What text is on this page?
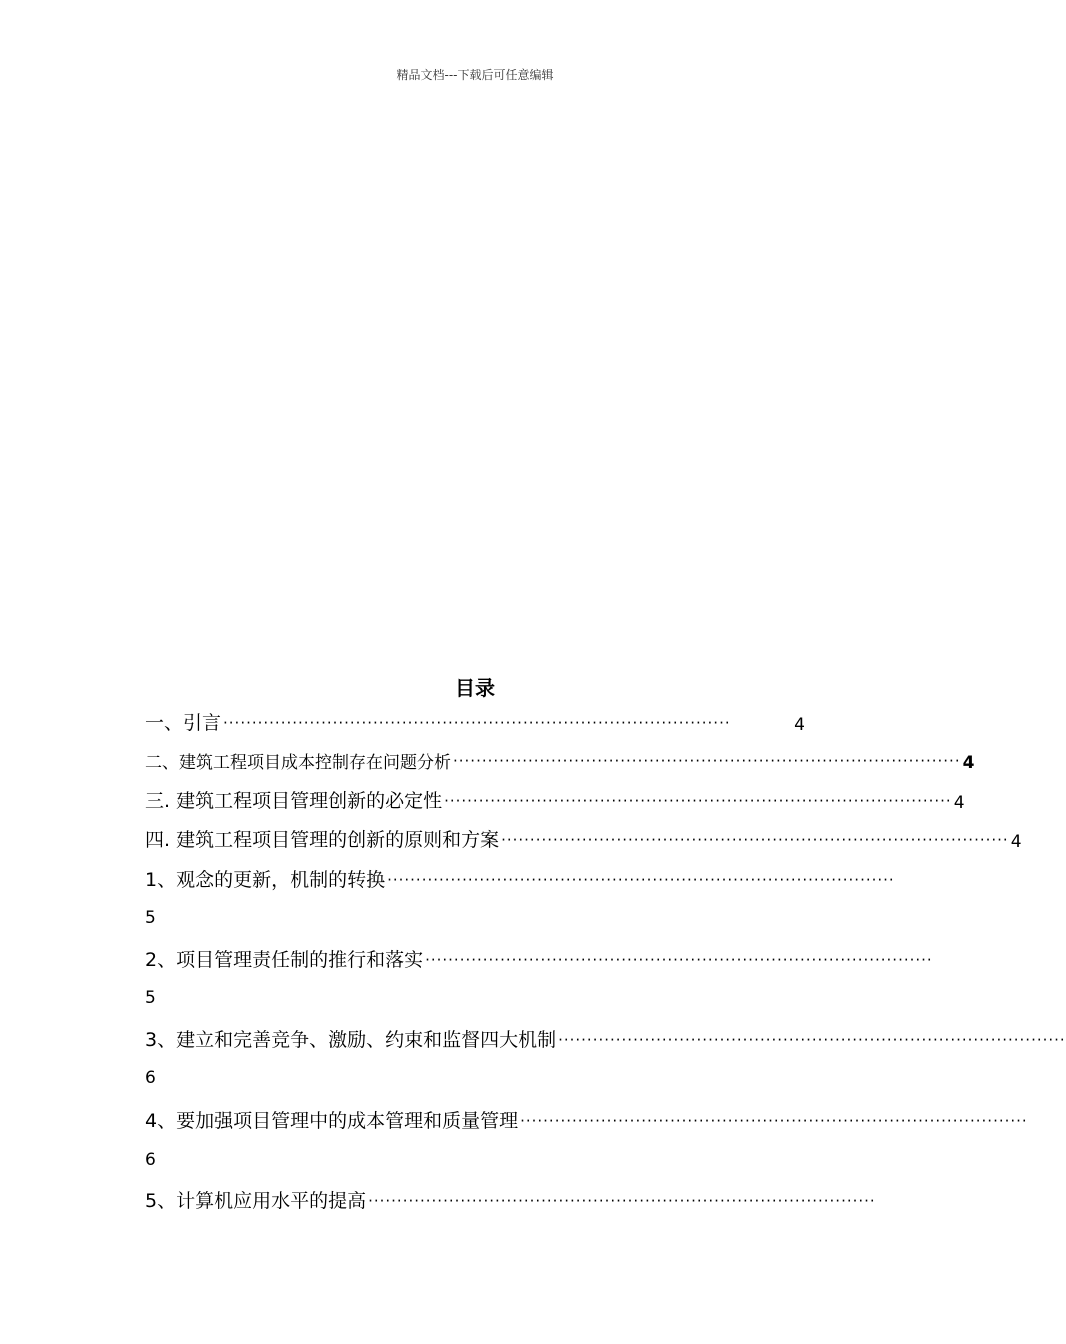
精品文档---下载后可任意编辑
目录
一、引言 ························································································	4
二、建筑工程项目成本控制存在问题分析 ························································································ 4
三. 建筑工程项目管理创新的必定性 ························································································ 4
四. 建筑工程项目管理的创新的原则和方案 ························································································ 4
1、观念的更新，机制的转换 ························································································
5
2、项目管理责任制的推行和落实 ························································································
5
3、建立和完善竞争、激励、约束和监督四大机制 ························································································
6
4、要加强项目管理中的成本管理和质量管理 ························································································
6
5、计算机应用水平的提高 ························································································
